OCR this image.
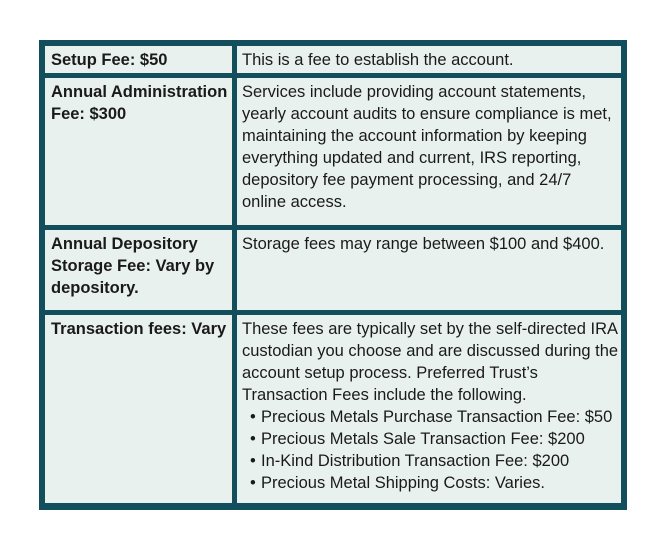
Setup Fee: $50	This is a fee to establish the account.
Annual Administration Fee: $300
Services include providing account statements, yearly account audits to ensure compliance is met, maintaining the account information by keeping everything updated and current, IRS reporting, depository fee payment processing, and 24/7 online access.
Annual Depository Storage Fee: Vary by depository.
Storage fees may range between $100 and $400.
Transaction fees: Vary These fees are typically set by the self-directed IRA custodian you choose and are discussed during the account setup process. Preferred Trust’s Transaction Fees include the following.
• Precious Metals Purchase Transaction Fee: $50
• Precious Metals Sale Transaction Fee: $200
• In-Kind Distribution Transaction Fee: $200
• Precious Metal Shipping Costs: Varies.
